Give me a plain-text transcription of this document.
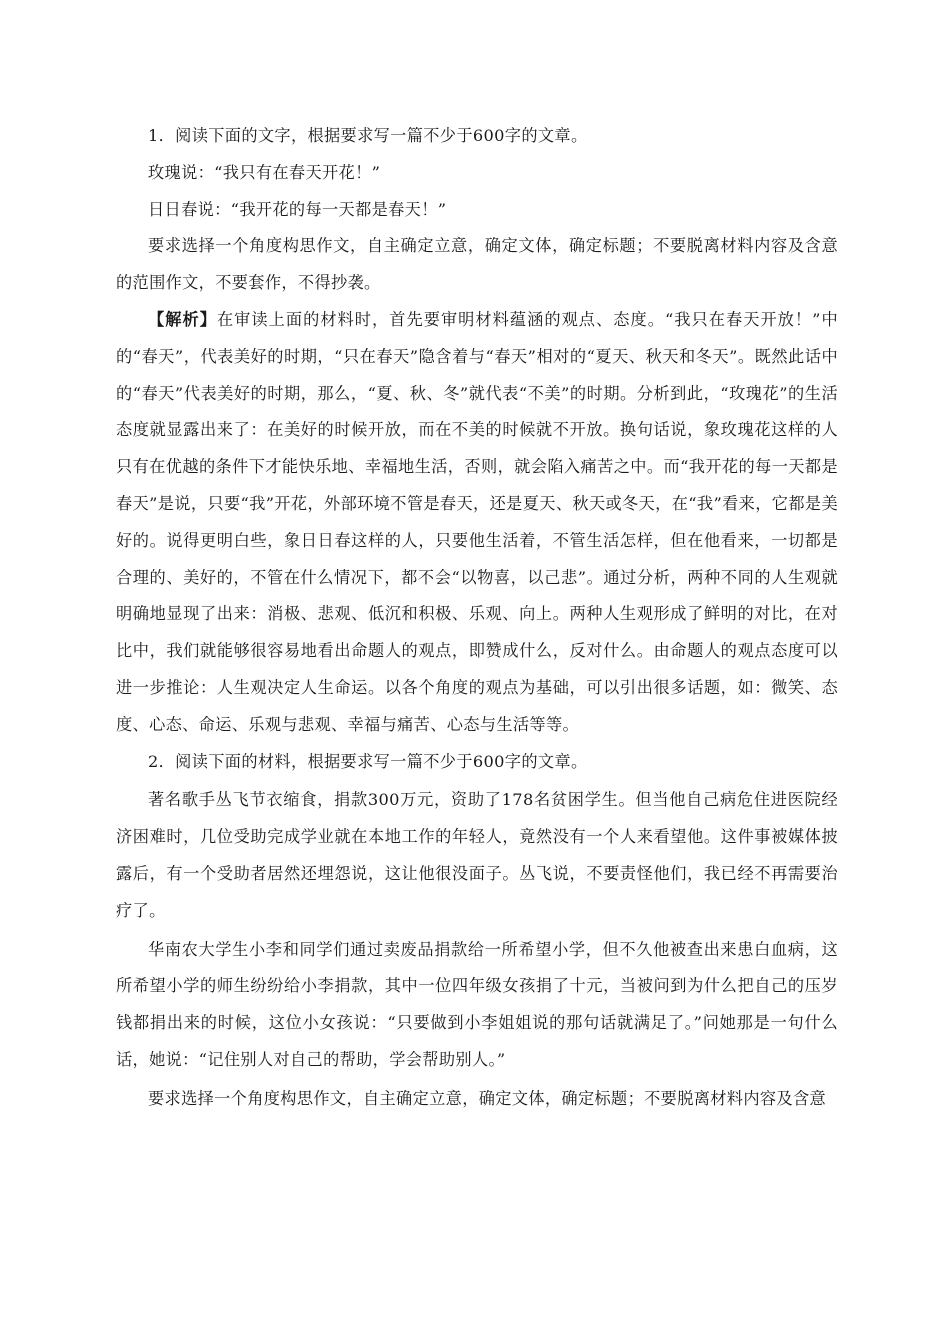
1．阅读下面的文字，根据要求写一篇不少于600字的文章。

玫瑰说：“我只有在春天开花！”

日日春说：“我开花的每一天都是春天！”

要求选择一个角度构思作文，自主确定立意，确定文体，确定标题；不要脱离材料内容及含意的范围作文，不要套作，不得抄袭。

【解析】在审读上面的材料时，首先要审明材料蕴涵的观点、态度。“我只在春天开放！”中的“春天”，代表美好的时期，“只在春天”隐含着与“春天”相对的“夏天、秋天和冬天”。既然此话中的“春天”代表美好的时期，那么，“夏、秋、冬”就代表“不美”的时期。分析到此，“玫瑰花”的生活态度就显露出来了：在美好的时候开放，而在不美的时候就不开放。换句话说，象玫瑰花这样的人只有在优越的条件下才能快乐地、幸福地生活，否则，就会陷入痛苦之中。而“我开花的每一天都是春天”是说，只要“我”开花，外部环境不管是春天，还是夏天、秋天或冬天，在“我”看来，它都是美好的。说得更明白些，象日日春这样的人，只要他生活着，不管生活怎样，但在他看来，一切都是合理的、美好的，不管在什么情况下，都不会“以物喜，以己悲”。通过分析，两种不同的人生观就明确地显现了出来：消极、悲观、低沉和积极、乐观、向上。两种人生观形成了鲜明的对比，在对比中，我们就能够很容易地看出命题人的观点，即赞成什么，反对什么。由命题人的观点态度可以进一步推论：人生观决定人生命运。以各个角度的观点为基础，可以引出很多话题，如：微笑、态度、心态、命运、乐观与悲观、幸福与痛苦、心态与生活等等。

2．阅读下面的材料，根据要求写一篇不少于600字的文章。

著名歌手丛飞节衣缩食，捐款300万元，资助了178名贫困学生。但当他自己病危住进医院经济困难时，几位受助完成学业就在本地工作的年轻人，竟然没有一个人来看望他。这件事被媒体披露后，有一个受助者居然还埋怨说，这让他很没面子。丛飞说，不要责怪他们，我已经不再需要治疗了。

华南农大学生小李和同学们通过卖废品捐款给一所希望小学，但不久他被查出来患白血病，这所希望小学的师生纷纷给小李捐款，其中一位四年级女孩捐了十元，当被问到为什么把自己的压岁钱都捐出来的时候，这位小女孩说：“只要做到小李姐姐说的那句话就满足了。”问她那是一句什么话，她说：“记住别人对自己的帮助，学会帮助别人。”

要求选择一个角度构思作文，自主确定立意，确定文体，确定标题；不要脱离材料内容及含意
